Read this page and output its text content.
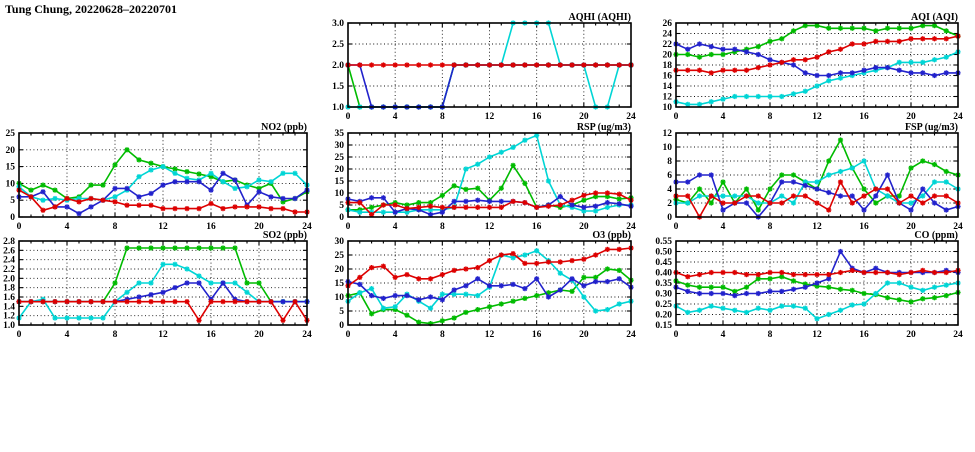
Tung Chung, 20220628–20220701
1.0
1.5
2.0
2.5
3.0
0	4	8	12	16	20	24
AQHI (AQHI)
10
12
14
16
18
20
22
24
26
0	4	8	12	16	20	24
AQI (AQI)
0
5
10
15
20
25
0	4	8	12	16	20	24
NO2 (ppb)
0
5
10
15
20
25
30
35
0	4	8	12	16	20	24
RSP (ug/m3)
0
2
4
6
8
10
12
0	4	8	12	16	20	24
FSP (ug/m3)
1.0
1.2
1.4
1.6
1.8
2.0
2.2
2.4
2.6
2.8
0	4	8	12	16	20	24
SO2 (ppb)
0
5
10
15
20
25
30
0	4	8	12	16	20	24
O3 (ppb)
0.15
0.20
0.25
0.30
0.35
0.40
0.45
0.50
0.55
0	4	8	12	16	20	24
CO (ppm)
